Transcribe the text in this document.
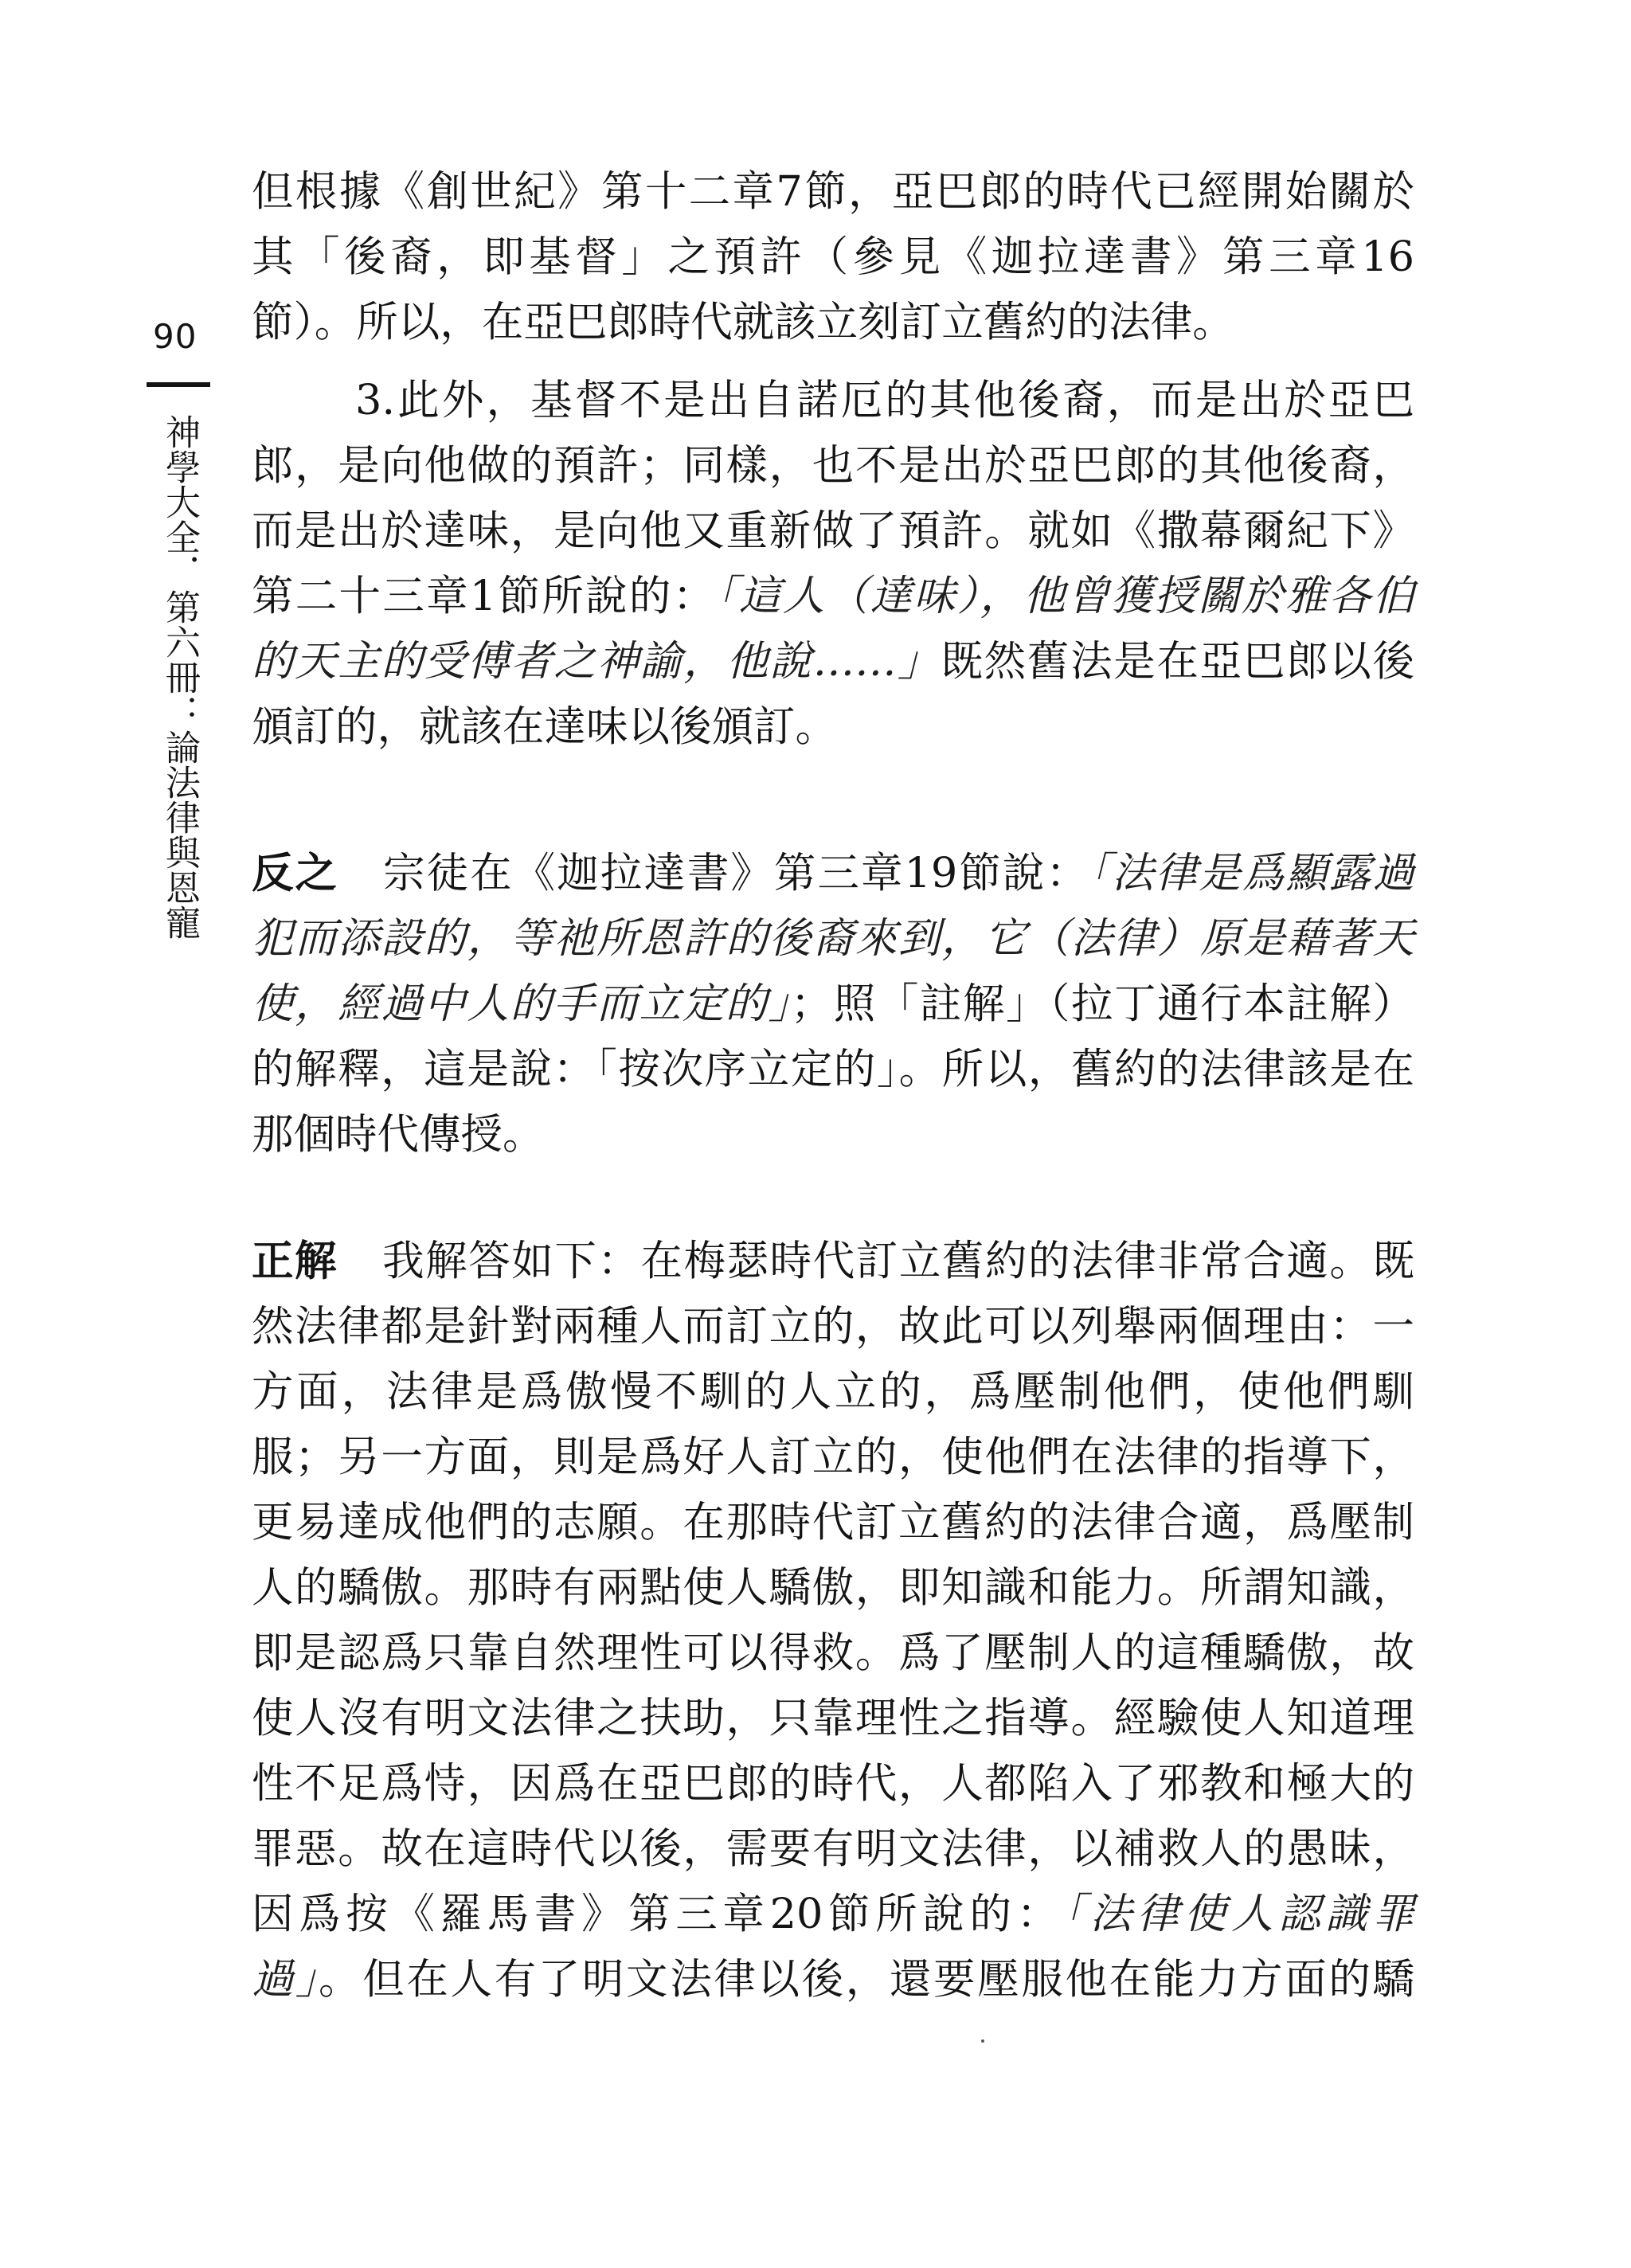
90

神學大全．第六冊：論法律與恩寵

但根據《創世紀》第十二章7節，亞巴郎的時代已經開始關於
其「後裔，即基督」之預許（參見《迦拉達書》第三章16
節）。所以，在亞巴郎時代就該立刻訂立舊約的法律。
3.此外，基督不是出自諾厄的其他後裔，而是出於亞巴
郎，是向他做的預許；同樣，也不是出於亞巴郎的其他後裔，
而是出於達味，是向他又重新做了預許。就如《撒幕爾紀下》
第二十三章1節所說的：「這人（達味），他曾獲授關於雅各伯
的天主的受傅者之神諭，他說……」既然舊法是在亞巴郎以後
頒訂的，就該在達味以後頒訂。
反之 宗徒在《迦拉達書》第三章19節說：「法律是爲顯露過
犯而添設的，等祂所恩許的後裔來到，它（法律）原是藉著天
使，經過中人的手而立定的」；照「註解」（拉丁通行本註解）
的解釋，這是說：「按次序立定的」。所以，舊約的法律該是在
那個時代傳授。
正解 我解答如下：在梅瑟時代訂立舊約的法律非常合適。既
然法律都是針對兩種人而訂立的，故此可以列舉兩個理由：一
方面，法律是爲傲慢不馴的人立的，爲壓制他們，使他們馴
服；另一方面，則是爲好人訂立的，使他們在法律的指導下，
更易達成他們的志願。在那時代訂立舊約的法律合適，爲壓制
人的驕傲。那時有兩點使人驕傲，即知識和能力。所謂知識，
即是認爲只靠自然理性可以得救。爲了壓制人的這種驕傲，故
使人沒有明文法律之扶助，只靠理性之指導。經驗使人知道理
性不足爲恃，因爲在亞巴郎的時代，人都陷入了邪教和極大的
罪惡。故在這時代以後，需要有明文法律，以補救人的愚昧，
因爲按《羅馬書》第三章20節所說的：「法律使人認識罪
過」。但在人有了明文法律以後，還要壓服他在能力方面的驕
